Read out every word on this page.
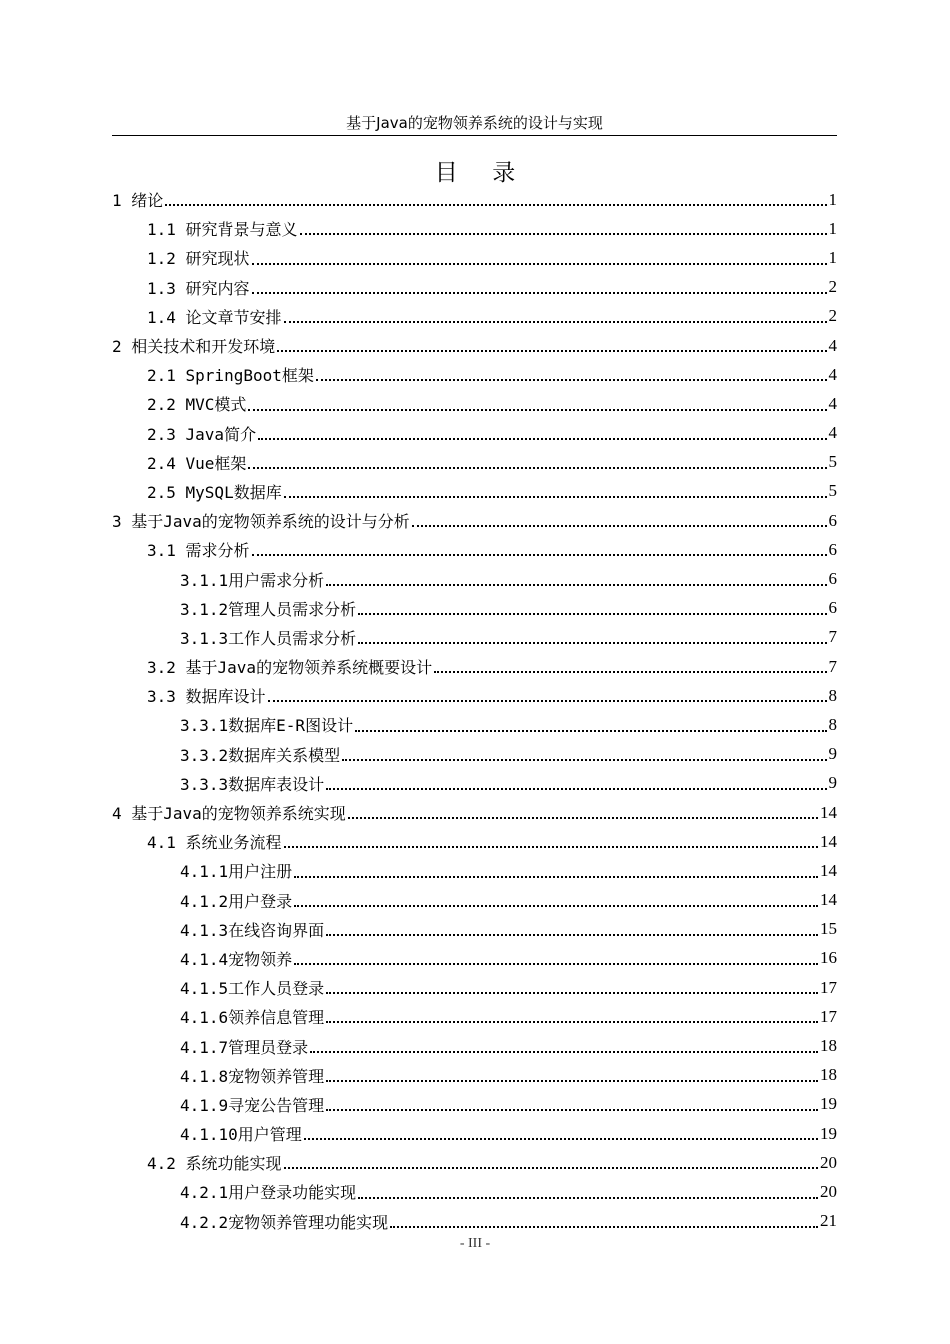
基于Java的宠物领养系统的设计与实现
目录
1 绪论	1
1.1 研究背景与意义	1
1.2 研究现状	1
1.3 研究内容	2
1.4 论文章节安排	2
2 相关技术和开发环境	4
2.1 SpringBoot框架	4
2.2 MVC模式	4
2.3 Java简介	4
2.4 Vue框架	5
2.5 MySQL数据库	5
3 基于Java的宠物领养系统的设计与分析	6
3.1 需求分析	6
3.1.1用户需求分析	6
3.1.2管理人员需求分析	6
3.1.3工作人员需求分析	7
3.2 基于Java的宠物领养系统概要设计	7
3.3 数据库设计	8
3.3.1数据库E-R图设计	8
3.3.2数据库关系模型	9
3.3.3数据库表设计	9
4 基于Java的宠物领养系统实现	14
4.1 系统业务流程	14
4.1.1用户注册	14
4.1.2用户登录	14
4.1.3在线咨询界面	15
4.1.4宠物领养	16
4.1.5工作人员登录	17
4.1.6领养信息管理	17
4.1.7管理员登录	18
4.1.8宠物领养管理	18
4.1.9寻宠公告管理	19
4.1.10用户管理	19
4.2 系统功能实现	20
4.2.1用户登录功能实现	20
4.2.2宠物领养管理功能实现	21
- III -
